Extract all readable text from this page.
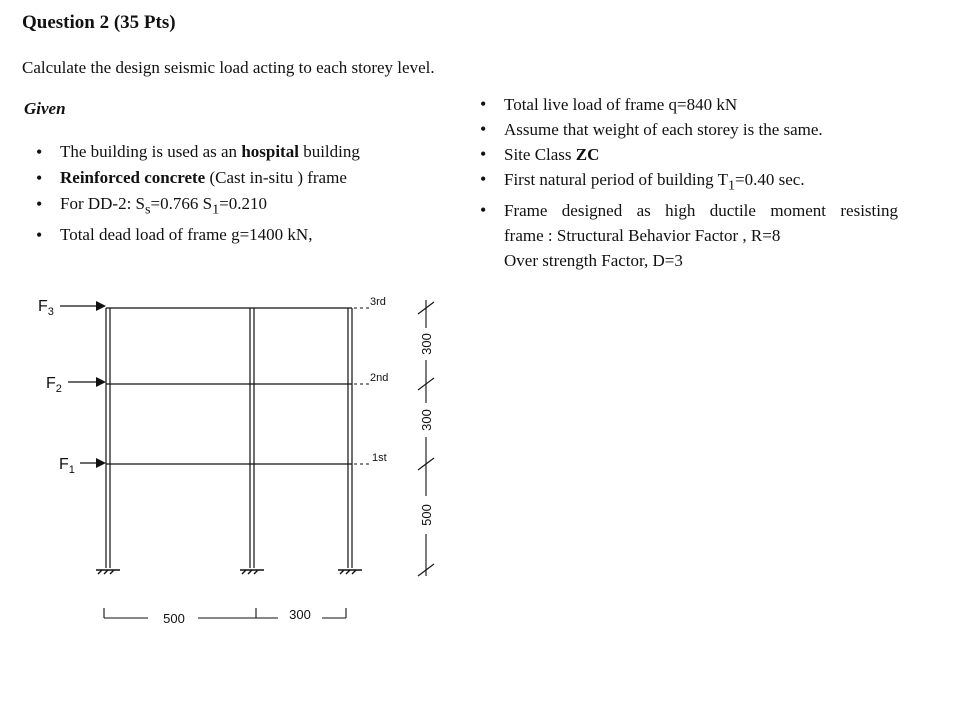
Question 2 (35 Pts)
Calculate the design seismic load acting to each storey level.
Given
• The building is used as an hospital building
• Reinforced concrete (Cast in-situ ) frame
• For DD-2: $S_s=0.766$ $S_1=0.210$
• Total dead load of frame g=1400 kN,
• Total live load of frame q=840 kN
• Assume that weight of each storey is the same.
• Site Class ZC
• First natural period of building $T_1=0.40$ sec.
• Frame designed as high ductile moment resisting
frame : Structural Behavior Factor , R=8
Over strength Factor, D=3
$F_3$
$F_2$
$F_1$
3rd
2nd
1st
300
300
500
500	300
